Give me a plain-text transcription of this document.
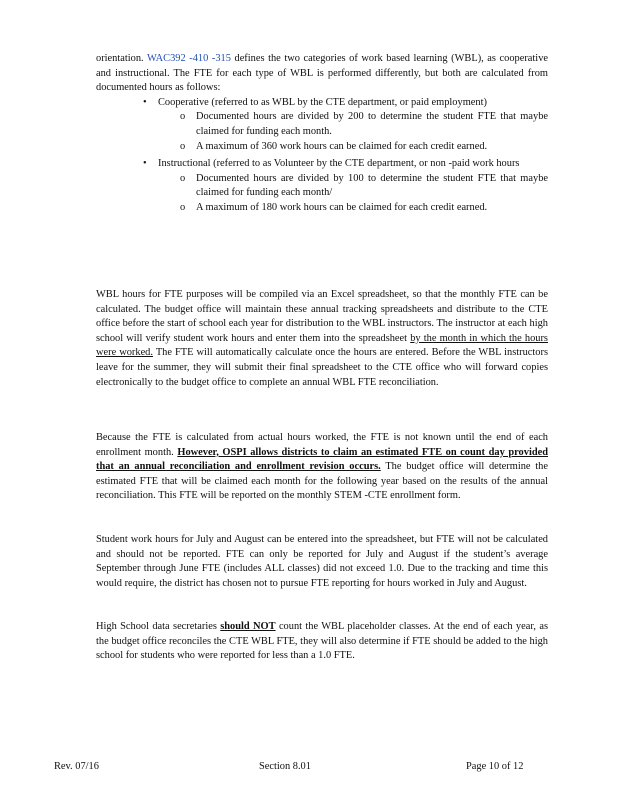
orientation. WAC392 ‐410 ‐315 defines the two categories of work based learning (WBL), as cooperative and instructional. The FTE for each type of WBL is performed differently, but both are calculated from documented hours as follows:

• Cooperative (referred to as WBL by the CTE department, or paid employment)
o Documented hours are divided by 200 to determine the student FTE that maybe claimed for funding each month.
o A maximum of 360 work hours can be claimed for each credit earned.
• Instructional (referred to as Volunteer by the CTE department, or non ‐paid work hours
o Documented hours are divided by 100 to determine the student FTE that maybe claimed for funding each month/
o A maximum of 180 work hours can be claimed for each credit earned.

WBL hours for FTE purposes will be compiled via an Excel spreadsheet, so that the monthly FTE can be calculated. The budget office will maintain these annual tracking spreadsheets and distribute to the CTE office before the start of school each year for distribution to the WBL instructors. The instructor at each high school will verify student work hours and enter them into the spreadsheet by the month in which the hours were worked. The FTE will automatically calculate once the hours are entered. Before the WBL instructors leave for the summer, they will submit their final spreadsheet to the CTE office who will forward copies electronically to the budget office to complete an annual WBL FTE reconciliation.

Because the FTE is calculated from actual hours worked, the FTE is not known until the end of each enrollment month. However, OSPI allows districts to claim an estimated FTE on count day provided that an annual reconciliation and enrollment revision occurs. The budget office will determine the estimated FTE that will be claimed each month for the following year based on the results of the annual reconciliation. This FTE will be reported on the monthly STEM ‐CTE enrollment form.

Student work hours for July and August can be entered into the spreadsheet, but FTE will not be calculated and should not be reported. FTE can only be reported for July and August if the student’s average September through June FTE (includes ALL classes) did not exceed 1.0. Due to the tracking and time this would require, the district has chosen not to pursue FTE reporting for hours worked in July and August.

High School data secretaries should NOT count the WBL placeholder classes. At the end of each year, as the budget office reconciles the CTE WBL FTE, they will also determine if FTE should be added to the high school for students who were reported for less than a 1.0 FTE.

Rev. 07/16	Section 8.01	Page 10 of 12
